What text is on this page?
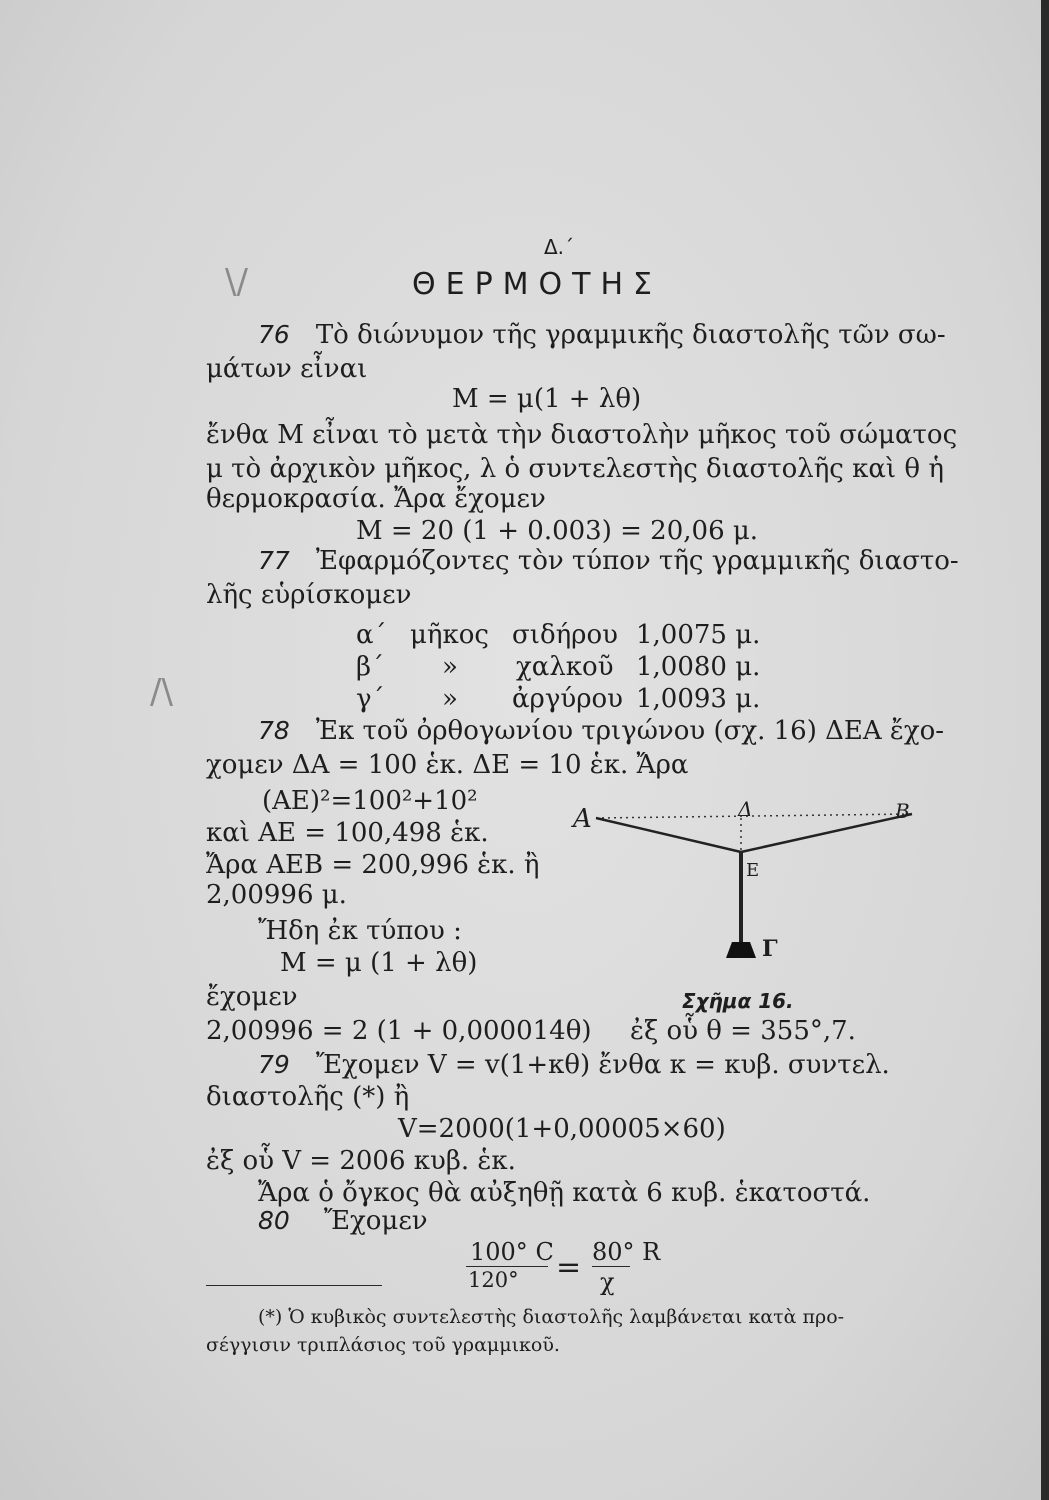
\/
/\
Δ.΄
ΘΕΡΜΟΤΗΣ
76 Τὸ διώνυμον τῆς γραμμικῆς διαστολῆς τῶν σω-
μάτων εἶναι
M = μ(1 + λθ)
ἔνθα M εἶναι τὸ μετὰ τὴν διαστολὴν μῆκος τοῦ σώματος
μ τὸ ἀρχικὸν μῆκος, λ ὁ συντελεστὴς διαστολῆς καὶ θ ἡ
θερμοκρασία. Ἄρα ἔχομεν
M = 20 (1 + 0.003) = 20,06 μ.
77 Ἐφαρμόζοντες τὸν τύπον τῆς γραμμικῆς διαστο-
λῆς εὑρίσκομεν
α΄ μῆκος σιδήρου 1,0075 μ.
β΄ » χαλκοῦ 1,0080 μ.
γ΄ » ἀργύρου 1,0093 μ.
78 Ἐκ τοῦ ὀρθογωνίου τριγώνου (σχ. 16) ΔΕΑ ἔχο-
χομεν ΔΑ = 100 ἑκ. ΔΕ = 10 ἑκ. Ἄρα
(AE)²=100²+10²
καὶ AE = 100,498 ἑκ.
Ἄρα AEB = 200,996 ἑκ. ἢ
2,00996 μ.
Ἤδη ἐκ τύπου :
M = μ (1 + λθ)
ἔχομεν
2,00996 = 2 (1 + 0,000014θ) ἐξ οὗ θ = 355°,7.
A	B
Δ
E
Γ
Σχῆμα 16.
79 Ἔχομεν V = v(1+κθ) ἔνθα κ = κυβ. συντελ.
διαστολῆς (*) ἢ
V=2000(1+0,00005×60)
ἐξ οὗ V = 2006 κυβ. ἑκ.
Ἄρα ὁ ὄγκος θὰ αὐξηθῇ κατὰ 6 κυβ. ἑκατοστά.
80 Ἔχομεν
100° C
120° = 80° R
χ
(*) Ὁ κυβικὸς συντελεστὴς διαστολῆς λαμβάνεται κατὰ προ-
σέγγισιν τριπλάσιος τοῦ γραμμικοῦ.
